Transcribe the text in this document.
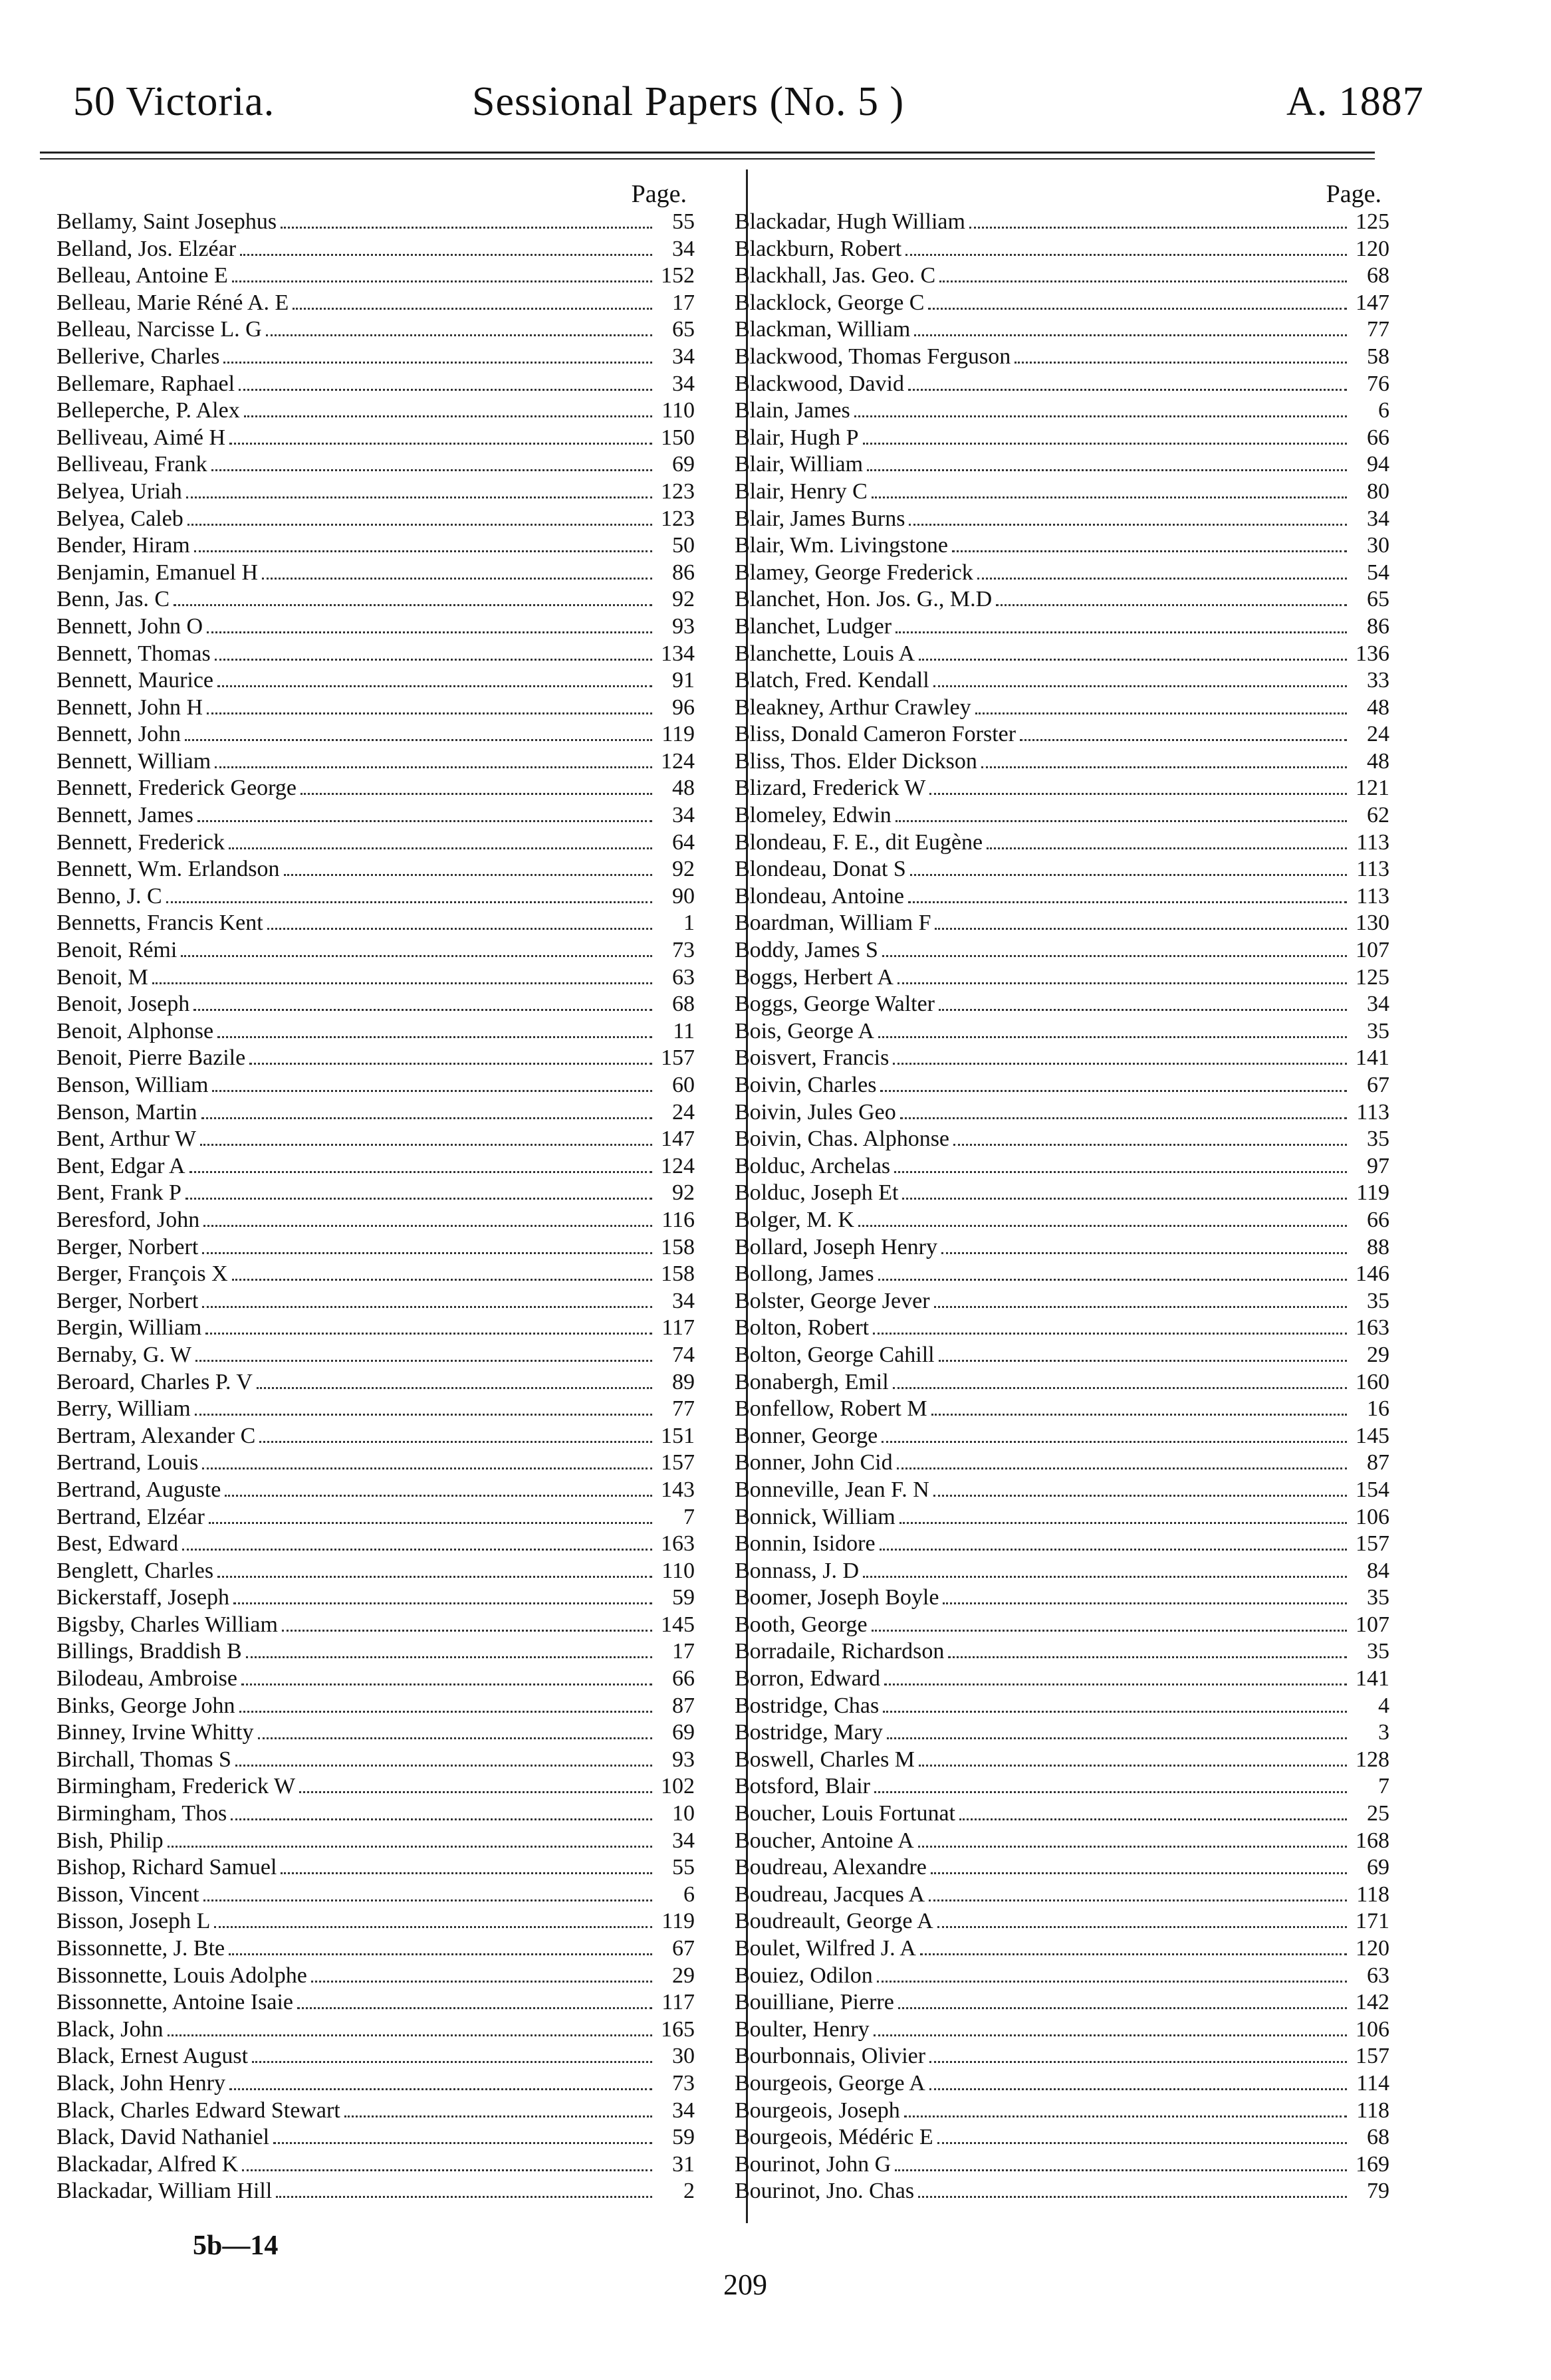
50 Victoria.	Sessional Papers (No. 5 )	A. 1887
Page.
Bellamy, Saint Josephus	55
Belland, Jos. Elzéar	34
Belleau, Antoine E	152
Belleau, Marie Réné A. E	17
Belleau, Narcisse L. G	65
Bellerive, Charles	34
Bellemare, Raphael	34
Belleperche, P. Alex	110
Belliveau, Aimé H	150
Belliveau, Frank	69
Belyea, Uriah	123
Belyea, Caleb	123
Bender, Hiram	50
Benjamin, Emanuel H	86
Benn, Jas. C	92
Bennett, John O	93
Bennett, Thomas	134
Bennett, Maurice	91
Bennett, John H	96
Bennett, John	119
Bennett, William	124
Bennett, Frederick George	48
Bennett, James	34
Bennett, Frederick	64
Bennett, Wm. Erlandson	92
Benno, J. C	90
Bennetts, Francis Kent	1
Benoit, Rémi	73
Benoit, M	63
Benoit, Joseph	68
Benoit, Alphonse	11
Benoit, Pierre Bazile	157
Benson, William	60
Benson, Martin	24
Bent, Arthur W	147
Bent, Edgar A	124
Bent, Frank P	92
Beresford, John	116
Berger, Norbert	158
Berger, François X	158
Berger, Norbert	34
Bergin, William	117
Bernaby, G. W	74
Beroard, Charles P. V	89
Berry, William	77
Bertram, Alexander C	151
Bertrand, Louis	157
Bertrand, Auguste	143
Bertrand, Elzéar	7
Best, Edward	163
Benglett, Charles	110
Bickerstaff, Joseph	59
Bigsby, Charles William	145
Billings, Braddish B	17
Bilodeau, Ambroise	66
Binks, George John	87
Binney, Irvine Whitty	69
Birchall, Thomas S	93
Birmingham, Frederick W	102
Birmingham, Thos	10
Bish, Philip	34
Bishop, Richard Samuel	55
Bisson, Vincent	6
Bisson, Joseph L	119
Bissonnette, J. Bte	67
Bissonnette, Louis Adolphe	29
Bissonnette, Antoine Isaie	117
Black, John	165
Black, Ernest August	30
Black, John Henry	73
Black, Charles Edward Stewart	34
Black, David Nathaniel	59
Blackadar, Alfred K	31
Blackadar, William Hill	2
Page.
Blackadar, Hugh William	125
Blackburn, Robert	120
Blackhall, Jas. Geo. C	68
Blacklock, George C	147
Blackman, William	77
Blackwood, Thomas Ferguson	58
Blackwood, David	76
Blain, James	6
Blair, Hugh P	66
Blair, William	94
Blair, Henry C	80
Blair, James Burns	34
Blair, Wm. Livingstone	30
Blamey, George Frederick	54
Blanchet, Hon. Jos. G., M.D	65
Blanchet, Ludger	86
Blanchette, Louis A	136
Blatch, Fred. Kendall	33
Bleakney, Arthur Crawley	48
Bliss, Donald Cameron Forster	24
Bliss, Thos. Elder Dickson	48
Blizard, Frederick W	121
Blomeley, Edwin	62
Blondeau, F. E., dit Eugène	113
Blondeau, Donat S	113
Blondeau, Antoine	113
Boardman, William F	130
Boddy, James S	107
Boggs, Herbert A	125
Boggs, George Walter	34
Bois, George A	35
Boisvert, Francis	141
Boivin, Charles	67
Boivin, Jules Geo	113
Boivin, Chas. Alphonse	35
Bolduc, Archelas	97
Bolduc, Joseph Et	119
Bolger, M. K	66
Bollard, Joseph Henry	88
Bollong, James	146
Bolster, George Jever	35
Bolton, Robert	163
Bolton, George Cahill	29
Bonabergh, Emil	160
Bonfellow, Robert M	16
Bonner, George	145
Bonner, John Cid	87
Bonneville, Jean F. N	154
Bonnick, William	106
Bonnin, Isidore	157
Bonnass, J. D	84
Boomer, Joseph Boyle	35
Booth, George	107
Borradaile, Richardson	35
Borron, Edward	141
Bostridge, Chas	4
Bostridge, Mary	3
Boswell, Charles M	128
Botsford, Blair	7
Boucher, Louis Fortunat	25
Boucher, Antoine A	168
Boudreau, Alexandre	69
Boudreau, Jacques A	118
Boudreault, George A	171
Boulet, Wilfred J. A	120
Bouiez, Odilon	63
Bouilliane, Pierre	142
Boulter, Henry	106
Bourbonnais, Olivier	157
Bourgeois, George A	114
Bourgeois, Joseph	118
Bourgeois, Médéric E	68
Bourinot, John G	169
Bourinot, Jno. Chas	79
5b—14
209
